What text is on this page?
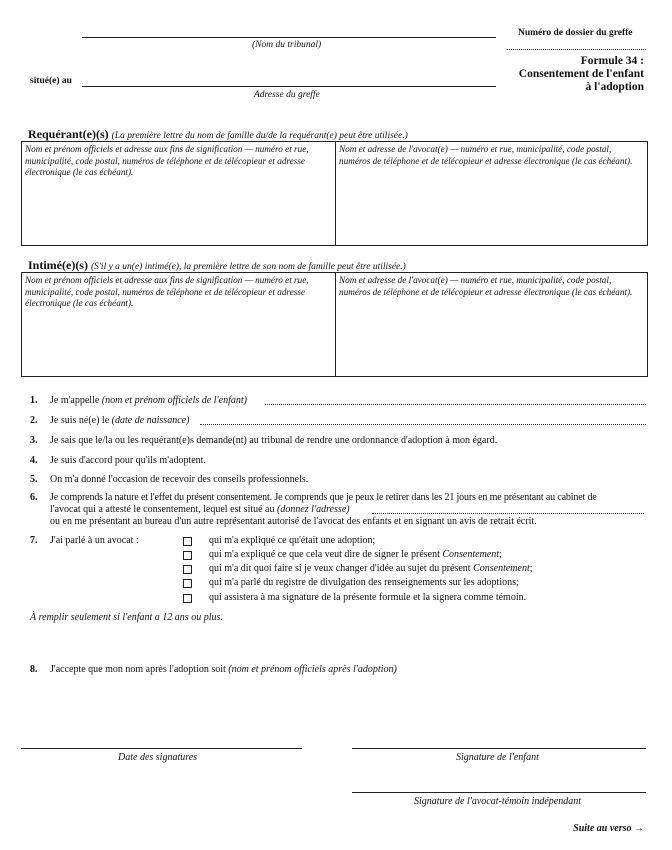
(Nom du tribunal)
situé(e) au
Adresse du greffe
Numéro de dossier du greffe
Formule 34 :
Consentement de l'enfant
à l'adoption
Requérant(e)(s) (La première lettre du nom de famille du/de la requérant(e) peut être utilisée.)
Nom et prénom officiels et adresse aux fins de signification — numéro et rue, municipalité, code postal, numéros de téléphone et de télécopieur et adresse électronique (le cas échéant).
Nom et adresse de l'avocat(e) — numéro et rue, municipalité, code postal, numéros de téléphone et de télécopieur et adresse électronique (le cas échéant).
Intimé(e)(s) (S'il y a un(e) intimé(e), la première lettre de son nom de famille peut être utilisée.)
Nom et prénom officiels et adresse aux fins de signification — numéro et rue, municipalité, code postal, numéros de téléphone et de télécopieur et adresse électronique (le cas échéant).
Nom et adresse de l'avocat(e) — numéro et rue, municipalité, code postal, numéros de téléphone et de télécopieur et adresse électronique (le cas échéant).
1. Je m'appelle (nom et prénom officiels de l'enfant)
2. Je suis né(e) le (date de naissance)
3. Je sais que le/la ou les requérant(e)s demande(nt) au tribunal de rendre une ordonnance d'adoption à mon égard.
4. Je suis d'accord pour qu'ils m'adoptent.
5. On m'a donné l'occasion de recevoir des conseils professionnels.
6. Je comprends la nature et l'effet du présent consentement. Je comprends que je peux le retirer dans les 21 jours en me présentant au cabinet de
l'avocat qui a attesté le consentement, lequel est situé au (donnez l'adresse)
ou en me présentant au bureau d'un autre représentant autorisé de l'avocat des enfants et en signant un avis de retrait écrit.
7. J'ai parlé à un avocat :	qui m'a expliqué ce qu'était une adoption;
qui m'a expliqué ce que cela veut dire de signer le présent Consentement;
qui m'a dit quoi faire si je veux changer d'idée au sujet du présent Consentement;
qui m'a parlé du registre de divulgation des renseignements sur les adoptions;
qui assistera à ma signature de la présente formule et la signera comme témoin.
À remplir seulement si l'enfant a 12 ans ou plus.
8. J'accepte que mon nom après l'adoption soit (nom et prénom officiels après l'adoption)
Date des signatures	Signature de l'enfant
Signature de l'avocat-témoin indépendant
Suite au verso →
